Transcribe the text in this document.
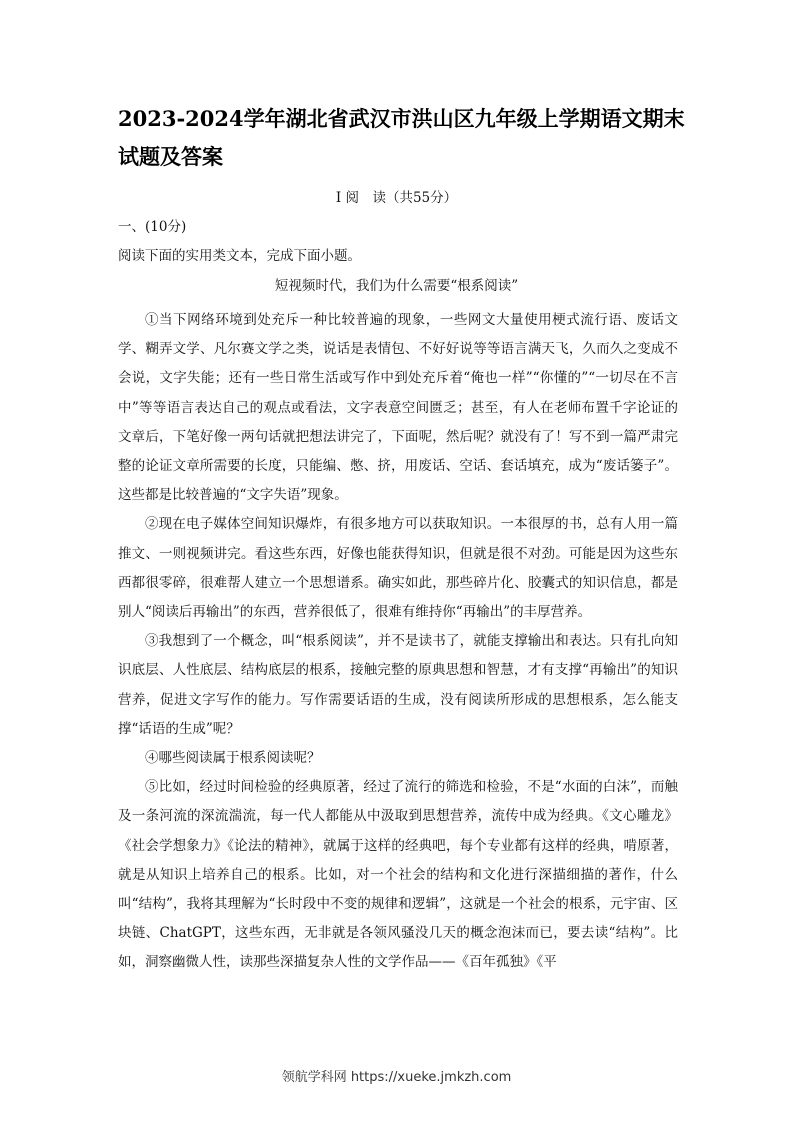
2023-2024学年湖北省武汉市洪山区九年级上学期语文期末试题及答案
Ⅰ 阅　读（共55分）
一、(10分)
阅读下面的实用类文本，完成下面小题。
短视频时代，我们为什么需要“根系阅读”

①当下网络环境到处充斥一种比较普遍的现象，一些网文大量使用梗式流行语、废话文学、糊弄文学、凡尔赛文学之类，说话是表情包、不好好说等等语言满天飞，久而久之变成不会说，文字失能；还有一些日常生活或写作中到处充斥着“俺也一样”“你懂的”“一切尽在不言中”等等语言表达自己的观点或看法，文字表意空间匮乏；甚至，有人在老师布置千字论证的文章后，下笔好像一两句话就把想法讲完了，下面呢，然后呢？就没有了！写不到一篇严肃完整的论证文章所需要的长度，只能编、憋、挤，用废话、空话、套话填充，成为“废话篓子”。这些都是比较普遍的“文字失语”现象。

②现在电子媒体空间知识爆炸，有很多地方可以获取知识。一本很厚的书，总有人用一篇推文、一则视频讲完。看这些东西，好像也能获得知识，但就是很不对劲。可能是因为这些东西都很零碎，很难帮人建立一个思想谱系。确实如此，那些碎片化、胶囊式的知识信息，都是别人“阅读后再输出”的东西，营养很低了，很难有维持你“再输出”的丰厚营养。

③我想到了一个概念，叫“根系阅读”，并不是读书了，就能支撑输出和表达。只有扎向知识底层、人性底层、结构底层的根系，接触完整的原典思想和智慧，才有支撑“再输出”的知识营养，促进文字写作的能力。写作需要话语的生成，没有阅读所形成的思想根系，怎么能支撑“话语的生成”呢？

④哪些阅读属于根系阅读呢？

⑤比如，经过时间检验的经典原著，经过了流行的筛选和检验，不是“水面的白沫”，而触及一条河流的深流湍流，每一代人都能从中汲取到思想营养，流传中成为经典。《文心雕龙》《社会学想象力》《论法的精神》，就属于这样的经典吧，每个专业都有这样的经典，啃原著，就是从知识上培养自己的根系。比如，对一个社会的结构和文化进行深描细描的著作，什么叫“结构”，我将其理解为“长时段中不变的规律和逻辑”，这就是一个社会的根系，元宇宙、区块链、ChatGPT，这些东西，无非就是各领风骚没几天的概念泡沫而已，要去读“结构”。比如，洞察幽微人性，读那些深描复杂人性的文学作品——《百年孤独》《平

领航学科网 https://xueke.jmkzh.com
